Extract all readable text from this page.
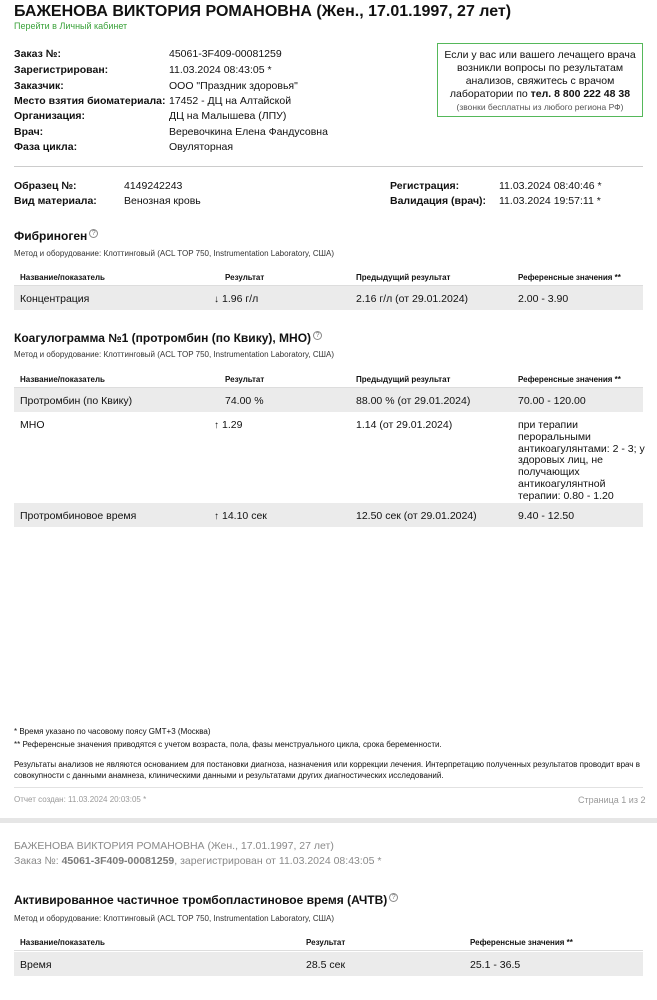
БАЖЕНОВА ВИКТОРИЯ РОМАНОВНА (Жен., 17.01.1997, 27 лет)
Перейти в Личный кабинет
Заказ №:	45061-3F409-00081259
Зарегистрирован:	11.03.2024 08:43:05 *
Заказчик:	ООО "Праздник здоровья"
Место взятия биоматериала: 17452 - ДЦ на Алтайской
Организация:	ДЦ на Малышева (ЛПУ)
Врач:	Веревочкина Елена Фандусовна
Фаза цикла:	Овуляторная
Если у вас или вашего лечащего врача
возникли вопросы по результатам
анализов, свяжитесь с врачом
лаборатории по тел. 8 800 222 48 38
(звонки бесплатны из любого региона РФ)
Образец №:	4149242243
Вид материала:	Венозная кровь
Регистрация:	11.03.2024 08:40:46 *
Валидация (врач): 11.03.2024 19:57:11 *
Фибриноген ?
Метод и оборудование: Клоттинговый (ACL TOP 750, Instrumentation Laboratory, США)
Название/показатель	Результат	Предыдущий результат	Референсные значения **
Концентрация	↓ 1.96 г/л	2.16 г/л (от 29.01.2024)	2.00 - 3.90
Коагулограмма №1 (протромбин (по Квику), МНО) ?
Метод и оборудование: Клоттинговый (ACL TOP 750, Instrumentation Laboratory, США)
Название/показатель	Результат	Предыдущий результат	Референсные значения **
Протромбин (по Квику)	74.00 %	88.00 % (от 29.01.2024)	70.00 - 120.00
МНО	↑ 1.29	1.14 (от 29.01.2024)	при терапии пероральными антикоагулянтами: 2 - 3; у здоровых лиц, не получающих антикоагулянтной терапии: 0.80 - 1.20
Протромбиновое время	↑ 14.10 сек	12.50 сек (от 29.01.2024)	9.40 - 12.50
* Время указано по часовому поясу GMT+3 (Москва)
** Референсные значения приводятся с учетом возраста, пола, фазы менструального цикла, срока беременности.
Результаты анализов не являются основанием для постановки диагноза, назначения или коррекции лечения. Интерпретацию полученных результатов проводит врач в совокупности с данными анамнеза, клиническими данными и результатами других диагностических исследований.
Отчет создан: 11.03.2024 20:03:05 *	Страница 1 из 2
БАЖЕНОВА ВИКТОРИЯ РОМАНОВНА (Жен., 17.01.1997, 27 лет)
Заказ №: 45061-3F409-00081259, зарегистрирован от 11.03.2024 08:43:05 *
Активированное частичное тромбопластиновое время (АЧТВ) ?
Метод и оборудование: Клоттинговый (ACL TOP 750, Instrumentation Laboratory, США)
Название/показатель	Результат	Референсные значения **
Время	28.5 сек	25.1 - 36.5
